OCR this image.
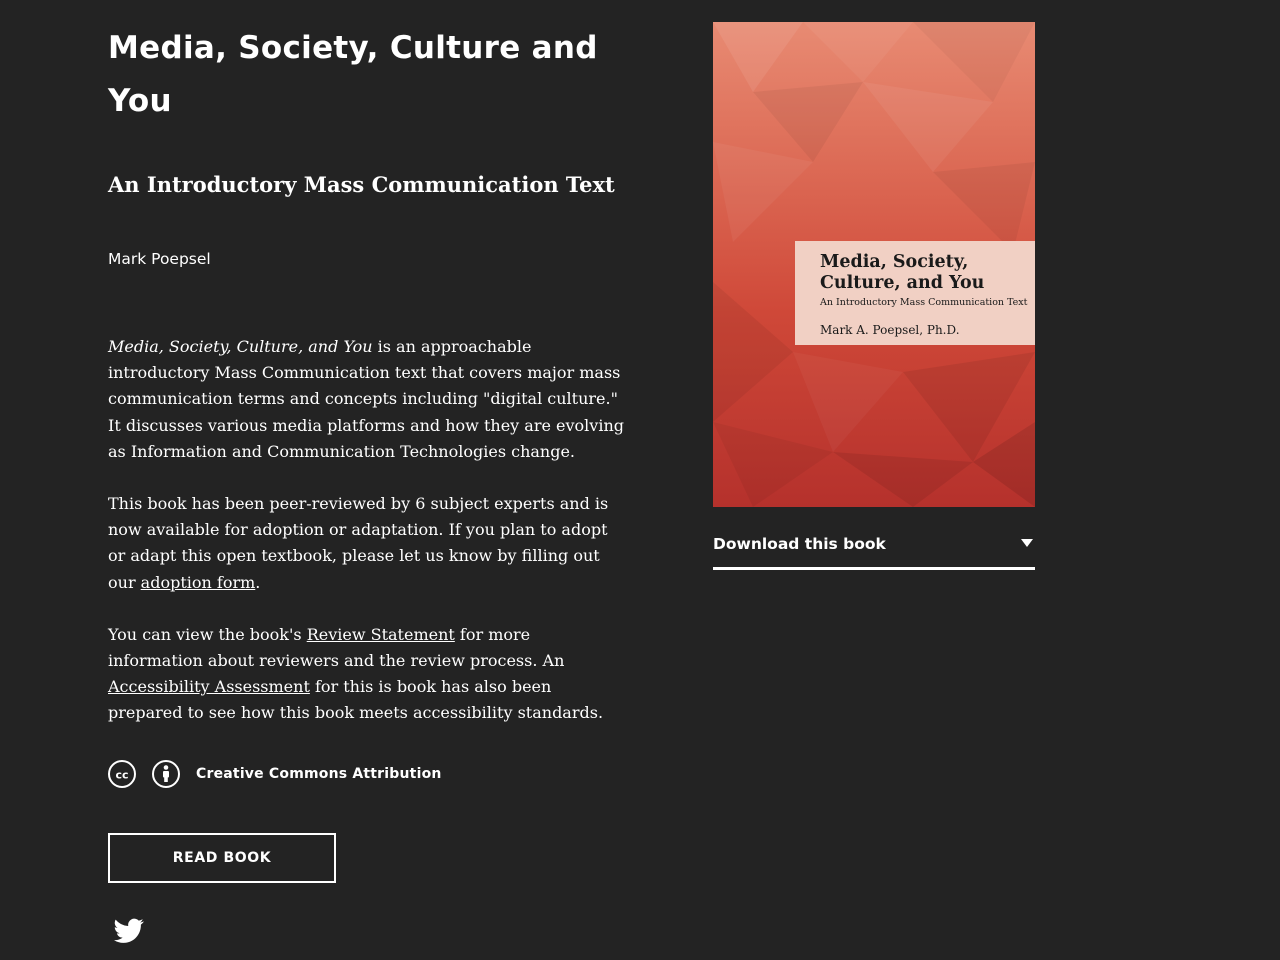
Media, Society, Culture and You
An Introductory Mass Communication Text
Mark Poepsel

Media, Society, Culture, and You is an approachable introductory Mass Communication text that covers major mass communication terms and concepts including "digital culture." It discusses various media platforms and how they are evolving as Information and Communication Technologies change.

This book has been peer-reviewed by 6 subject experts and is now available for adoption or adaptation. If you plan to adopt or adapt this open textbook, please let us know by filling out our adoption form.

You can view the book's Review Statement for more information about reviewers and the review process. An Accessibility Assessment for this is book has also been prepared to see how this book meets accessibility standards.

cc	Creative Commons Attribution
READ BOOK
Media, Society, Culture, and You
An Introductory Mass Communication Text
Mark A. Poepsel, Ph.D.
Download this book
